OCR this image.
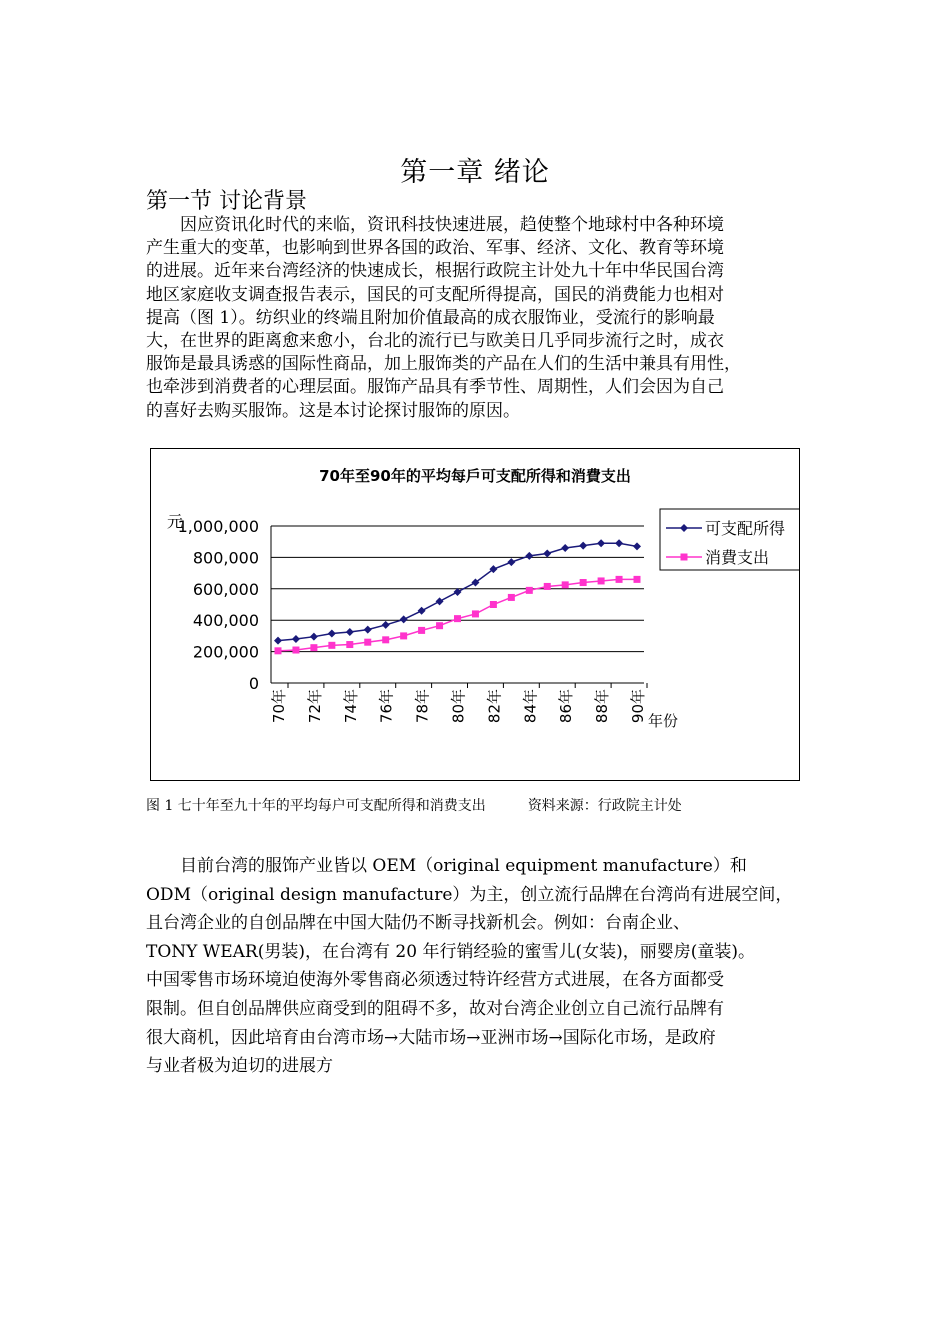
第一章 绪论
第一节 讨论背景

因应资讯化时代的来临，资讯科技快速进展，趋使整个地球村中各种环境
产生重大的变革，也影响到世界各国的政治、军事、经济、文化、教育等环境
的进展。近年来台湾经济的快速成长，根据行政院主计处九十年中华民国台湾
地区家庭收支调查报告表示，国民的可支配所得提高，国民的消费能力也相对
提高（图 1）。纺织业的终端且附加价值最高的成衣服饰业，受流行的影响最
大，在世界的距离愈来愈小，台北的流行已与欧美日几乎同步流行之时，成衣
服饰是最具诱惑的国际性商品，加上服饰类的产品在人们的生活中兼具有用性，
也牵涉到消费者的心理层面。服饰产品具有季节性、周期性，人们会因为自己
的喜好去购买服饰。这是本讨论探讨服饰的原因。

70年至90年的平均每戶可支配所得和消費支出
元
年份
0
200,000
400,000
600,000
800,000
1,000,000
70年 72年 74年 76年 78年 80年 82年 84年 86年 88年 90年
可支配所得
消費支出
图 1 七十年至九十年的平均每户可支配所得和消费支出	资料来源：行政院主计处

目前台湾的服饰产业皆以 OEM（original equipment manufacture）和
ODM（original design manufacture）为主，创立流行品牌在台湾尚有进展空间，
且台湾企业的自创品牌在中国大陆仍不断寻找新机会。例如：台南企业、
TONY WEAR(男装)，在台湾有 20 年行销经验的蜜雪儿(女装)，丽婴房(童装)。
中国零售市场环境迫使海外零售商必须透过特许经营方式进展，在各方面都受
限制。但自创品牌供应商受到的阻碍不多，故对台湾企业创立自己流行品牌有
很大商机，因此培育由台湾市场→大陆市场→亚洲市场→国际化市场，是政府
与业者极为迫切的进展方
